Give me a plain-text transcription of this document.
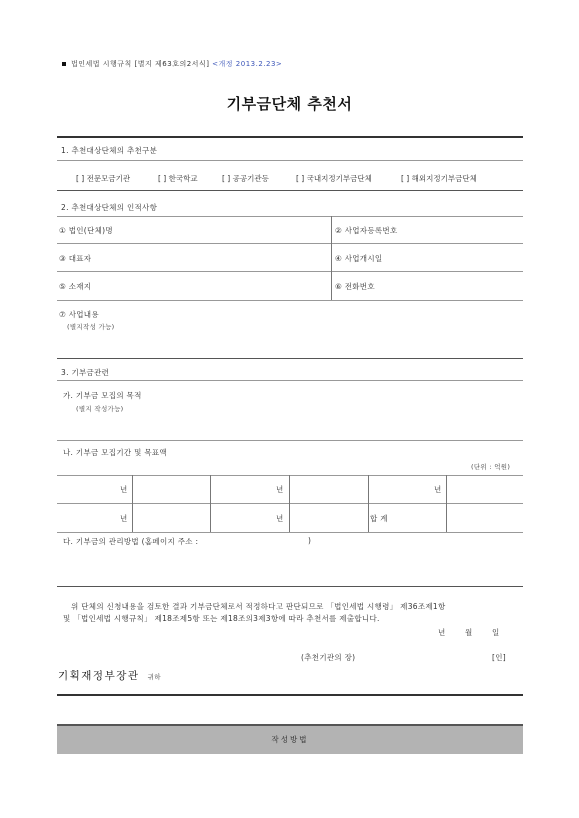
법인세법 시행규칙 [별지 제63호의2서식] <개정 2013.2.23>
기부금단체 추천서
1. 추천대상단체의 추천구분
[ ] 전문모금기관	[ ] 한국학교	[ ] 공공기관등	[ ] 국내지정기부금단체	[ ] 해외지정기부금단체
2. 추천대상단체의 인적사항
① 법인(단체)명	② 사업자등록번호
③ 대표자	④ 사업개시일
⑤ 소재지	⑥ 전화번호
⑦ 사업내용
(별지작성 가능)
3. 기부금관련
가. 기부금 모집의 목적
(별지 작성가능)
나. 기부금 모집기간 및 목표액
(단위 : 억원)
년	년	년
년	년	합 계
다. 기부금의 관리방법 (홈페이지 주소 :	)
위 단체의 신청내용을 검토한 결과 기부금단체로서 적정하다고 판단되므로 「법인세법 시행령」 제36조제1항
및 「법인세법 시행규칙」 제18조제5항 또는 제18조의3제3항에 따라 추천서를 제출합니다.
년	월	일
(추천기관의 장)	[인]
기획재정부장관 귀하
작성방법
